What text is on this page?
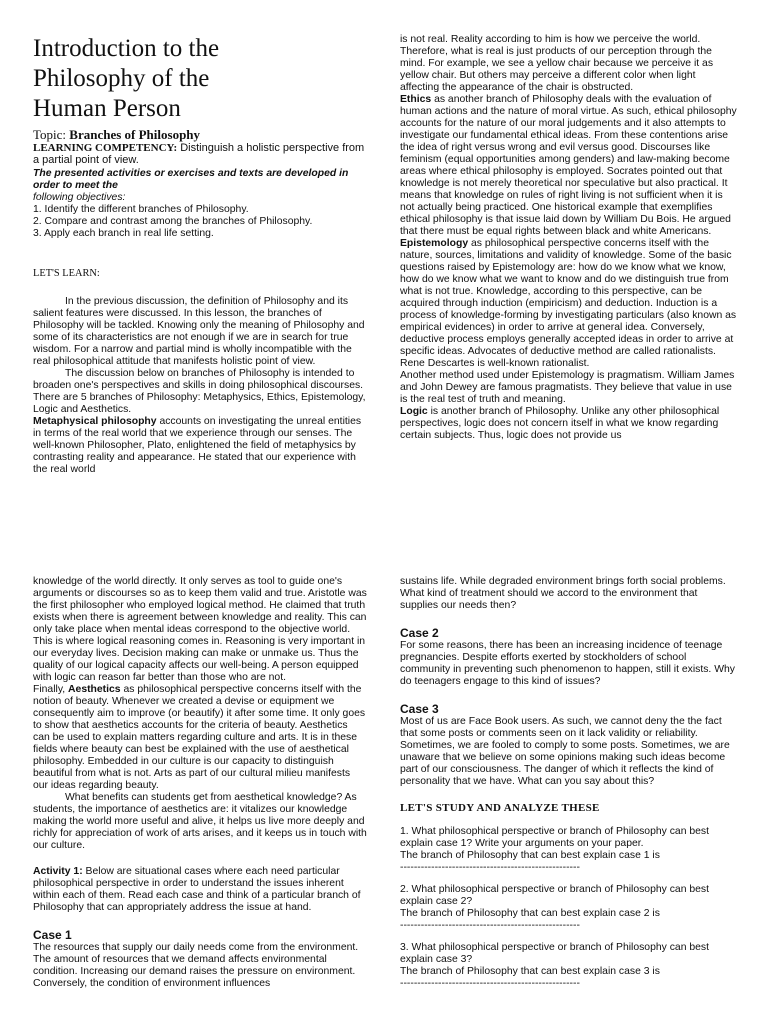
Introduction to the
Philosophy of the
Human Person
Topic: Branches of Philosophy

LEARNING COMPETENCY: Distinguish a holistic perspective from a partial point of view.

The presented activities or exercises and texts are developed in order to meet the

following objectives:

1. Identify the different branches of Philosophy.

2. Compare and contrast among the branches of Philosophy.

3. Apply each branch in real life setting.

LET'S LEARN:

In the previous discussion, the definition of Philosophy and its salient features were discussed. In this lesson, the branches of Philosophy will be tackled. Knowing only the meaning of Philosophy and some of its characteristics are not enough if we are in search for true wisdom. For a narrow and partial mind is wholly incompatible with the real philosophical attitude that manifests holistic point of view.

The discussion below on branches of Philosophy is intended to broaden one's perspectives and skills in doing philosophical discourses.

There are 5 branches of Philosophy: Metaphysics, Ethics, Epistemology, Logic and Aesthetics.

Metaphysical philosophy accounts on investigating the unreal entities in terms of the real world that we experience through our senses. The well-known Philosopher, Plato, enlightened the field of metaphysics by contrasting reality and appearance. He stated that our experience with the real world

is not real. Reality according to him is how we perceive the world. Therefore, what is real is just products of our perception through the mind. For example, we see a yellow chair because we perceive it as yellow chair. But others may perceive a different color when light affecting the appearance of the chair is obstructed.

Ethics as another branch of Philosophy deals with the evaluation of human actions and the nature of moral virtue. As such, ethical philosophy accounts for the nature of our moral judgements and it also attempts to investigate our fundamental ethical ideas. From these contentions arise the idea of right versus wrong and evil versus good. Discourses like feminism (equal opportunities among genders) and law-making become areas where ethical philosophy is employed. Socrates pointed out that knowledge is not merely theoretical nor speculative but also practical. It means that knowledge on rules of right living is not sufficient when it is not actually being practiced. One historical example that exemplifies ethical philosophy is that issue laid down by William Du Bois. He argued that there must be equal rights between black and white Americans.

Epistemology as philosophical perspective concerns itself with the nature, sources, limitations and validity of knowledge. Some of the basic questions raised by Epistemology are: how do we know what we know, how do we know what we want to know and do we distinguish true from what is not true. Knowledge, according to this perspective, can be acquired through induction (empiricism) and deduction. Induction is a process of knowledge-forming by investigating particulars (also known as empirical evidences) in order to arrive at general idea. Conversely, deductive process employs generally accepted ideas in order to arrive at specific ideas. Advocates of deductive method are called rationalists. Rene Descartes is well-known rationalist.

Another method used under Epistemology is pragmatism. William James and John Dewey are famous pragmatists. They believe that value in use is the real test of truth and meaning.

Logic is another branch of Philosophy. Unlike any other philosophical perspectives, logic does not concern itself in what we know regarding certain subjects. Thus, logic does not provide us

knowledge of the world directly. It only serves as tool to guide one's arguments or discourses so as to keep them valid and true. Aristotle was the first philosopher who employed logical method. He claimed that truth exists when there is agreement between knowledge and reality. This can only take place when mental ideas correspond to the objective world. This is where logical reasoning comes in. Reasoning is very important in our everyday lives. Decision making can make or unmake us. Thus the quality of our logical capacity affects our well-being. A person equipped with logic can reason far better than those who are not.

Finally, Aesthetics as philosophical perspective concerns itself with the notion of beauty. Whenever we created a devise or equipment we consequently aim to improve (or beautify) it after some time. It only goes to show that aesthetics accounts for the criteria of beauty. Aesthetics can be used to explain matters regarding culture and arts. It is in these fields where beauty can best be explained with the use of aesthetical philosophy. Embedded in our culture is our capacity to distinguish beautiful from what is not. Arts as part of our cultural milieu manifests our ideas regarding beauty.

What benefits can students get from aesthetical knowledge? As students, the importance of aesthetics are: it vitalizes our knowledge making the world more useful and alive, it helps us live more deeply and richly for appreciation of work of arts arises, and it keeps us in touch with our culture.

Activity 1: Below are situational cases where each need particular philosophical perspective in order to understand the issues inherent within each of them. Read each case and think of a particular branch of Philosophy that can appropriately address the issue at hand.

Case 1

The resources that supply our daily needs come from the environment. The amount of resources that we demand affects environmental condition. Increasing our demand raises the pressure on environment. Conversely, the condition of environment influences

sustains life. While degraded environment brings forth social problems. What kind of treatment should we accord to the environment that supplies our needs then?

Case 2

For some reasons, there has been an increasing incidence of teenage pregnancies. Despite efforts exerted by stockholders of school community in preventing such phenomenon to happen, still it exists. Why do teenagers engage to this kind of issues?

Case 3

Most of us are Face Book users. As such, we cannot deny the the fact that some posts or comments seen on it lack validity or reliability. Sometimes, we are fooled to comply to some posts. Sometimes, we are unaware that we believe on some opinions making such ideas become part of our consciousness. The danger of which it reflects the kind of personality that we have. What can you say about this?

LET'S STUDY AND ANALYZE THESE

1. What philosophical perspective or branch of Philosophy can best explain case 1? Write your arguments on your paper.

The branch of Philosophy that can best explain case 1 is

----------------------------------------------------

2. What philosophical perspective or branch of Philosophy can best explain case 2?

The branch of Philosophy that can best explain case 2 is

----------------------------------------------------

3. What philosophical perspective or branch of Philosophy can best explain case 3?

The branch of Philosophy that can best explain case 3 is

----------------------------------------------------
